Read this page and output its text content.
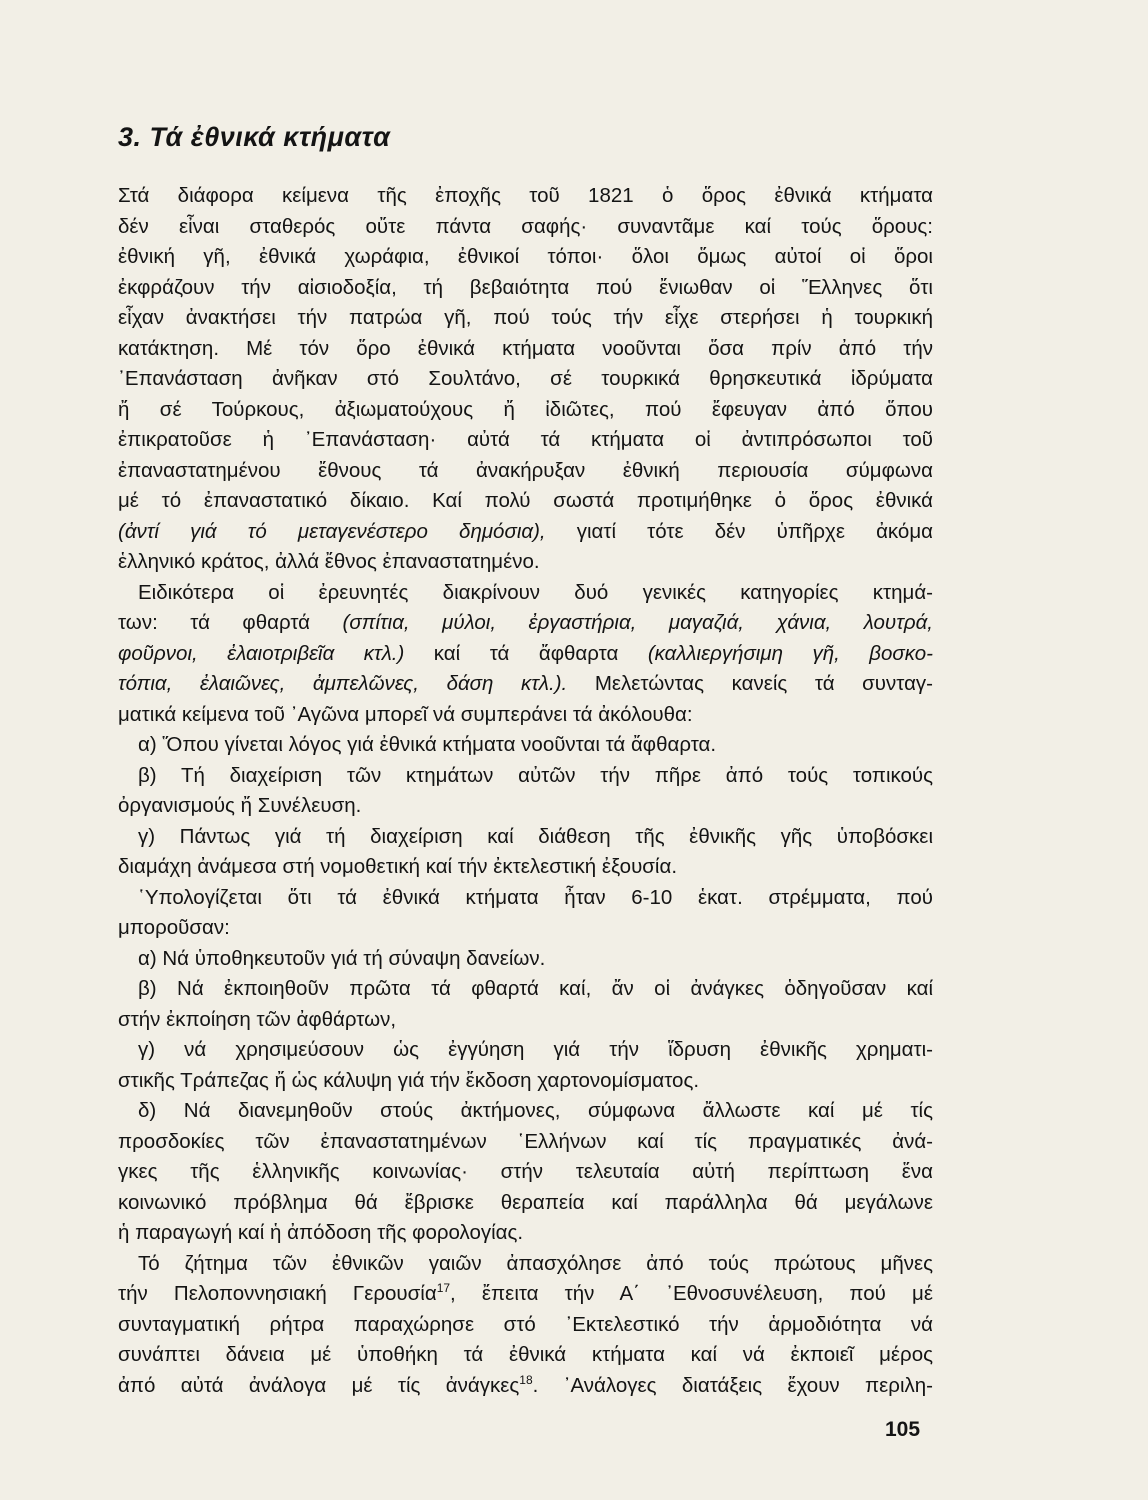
3. Τά ἐθνικά κτήματα
Στά διάφορα κείμενα τῆς ἐποχῆς τοῦ 1821 ὁ ὅρος ἐθνικά κτήματα
δέν εἶναι σταθερός οὔτε πάντα σαφής· συναντᾶμε καί τούς ὅρους:
ἐθνική γῆ, ἐθνικά χωράφια, ἐθνικοί τόποι· ὅλοι ὅμως αὐτοί οἱ ὅροι
ἐκφράζουν τήν αἰσιοδοξία, τή βεβαιότητα πού ἔνιωθαν οἱ Ἕλληνες ὅτι
εἶχαν ἀνακτήσει τήν πατρώα γῆ, πού τούς τήν εἶχε στερήσει ἡ τουρκική
κατάκτηση. Μέ τόν ὅρο ἐθνικά κτήματα νοοῦνται ὅσα πρίν ἀπό τήν
᾿Επανάσταση ἀνῆκαν στό Σουλτάνο, σέ τουρκικά θρησκευτικά ἱδρύματα
ἤ σέ Τούρκους, ἀξιωματούχους ἤ ἰδιῶτες, πού ἔφευγαν ἀπό ὅπου
ἐπικρατοῦσε ἡ ᾿Επανάσταση· αὐτά τά κτήματα οἱ ἀντιπρόσωποι τοῦ
ἐπαναστατημένου ἔθνους τά ἀνακήρυξαν ἐθνική περιουσία σύμφωνα
μέ τό ἐπαναστατικό δίκαιο. Καί πολύ σωστά προτιμήθηκε ὁ ὅρος ἐθνικά
(ἀντί γιά τό μεταγενέστερο δημόσια), γιατί τότε δέν ὑπῆρχε ἀκόμα
ἑλληνικό κράτος, ἀλλά ἔθνος ἐπαναστατημένο.
Ειδικότερα οἱ ἐρευνητές διακρίνουν δυό γενικές κατηγορίες κτημά-
των: τά φθαρτά (σπίτια, μύλοι, ἐργαστήρια, μαγαζιά, χάνια, λουτρά,
φοῦρνοι, ἐλαιοτριβεῖα κτλ.) καί τά ἄφθαρτα (καλλιεργήσιμη γῆ, βοσκο-
τόπια, ἐλαιῶνες, ἀμπελῶνες, δάση κτλ.). Μελετώντας κανείς τά συνταγ-
ματικά κείμενα τοῦ ᾿Αγῶνα μπορεῖ νά συμπεράνει τά ἀκόλουθα:
α) Ὅπου γίνεται λόγος γιά ἐθνικά κτήματα νοοῦνται τά ἄφθαρτα.
β) Τή διαχείριση τῶν κτημάτων αὐτῶν τήν πῆρε ἀπό τούς τοπικούς
ὀργανισμούς ἤ Συνέλευση.
γ) Πάντως γιά τή διαχείριση καί διάθεση τῆς ἐθνικῆς γῆς ὑποβόσκει
διαμάχη ἀνάμεσα στή νομοθετική καί τήν ἐκτελεστική ἐξουσία.
῾Υπολογίζεται ὅτι τά ἐθνικά κτήματα ἦταν 6-10 ἑκατ. στρέμματα, πού
μποροῦσαν:
α) Νά ὑποθηκευτοῦν γιά τή σύναψη δανείων.
β) Νά ἐκποιηθοῦν πρῶτα τά φθαρτά καί, ἄν οἱ ἀνάγκες ὁδηγοῦσαν καί
στήν ἐκποίηση τῶν ἀφθάρτων,
γ) νά χρησιμεύσουν ὡς ἐγγύηση γιά τήν ἵδρυση ἐθνικῆς χρηματι-
στικῆς Τράπεζας ἤ ὡς κάλυψη γιά τήν ἔκδοση χαρτονομίσματος.
δ) Νά διανεμηθοῦν στούς ἀκτήμονες, σύμφωνα ἄλλωστε καί μέ τίς
προσδοκίες τῶν ἐπαναστατημένων ῾Ελλήνων καί τίς πραγματικές ἀνά-
γκες τῆς ἑλληνικῆς κοινωνίας· στήν τελευταία αὐτή περίπτωση ἕνα
κοινωνικό πρόβλημα θά ἔβρισκε θεραπεία καί παράλληλα θά μεγάλωνε
ἡ παραγωγή καί ἡ ἀπόδοση τῆς φορολογίας.
Τό ζήτημα τῶν ἐθνικῶν γαιῶν ἀπασχόλησε ἀπό τούς πρώτους μῆνες
τήν Πελοποννησιακή Γερουσία$^{17}$, ἔπειτα τήν Α΄ ᾿Εθνοσυνέλευση, πού μέ
συνταγματική ρήτρα παραχώρησε στό ᾿Εκτελεστικό τήν ἁρμοδιότητα νά
συνάπτει δάνεια μέ ὑποθήκη τά ἐθνικά κτήματα καί νά ἐκποιεῖ μέρος
ἀπό αὐτά ἀνάλογα μέ τίς ἀνάγκες$^{18}$. ᾿Ανάλογες διατάξεις ἔχουν περιλη-
105
